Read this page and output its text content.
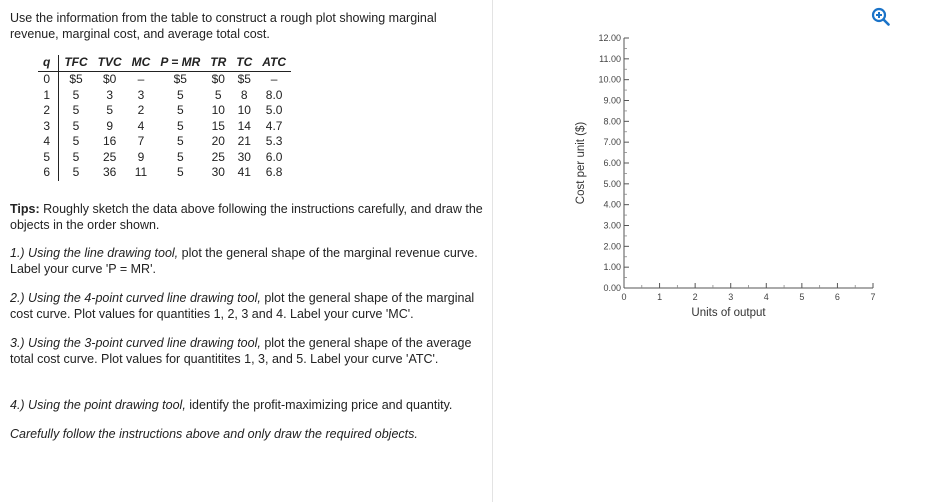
Use the information from the table to construct a rough plot showing marginal revenue, marginal cost, and average total cost.

q	TFC	TVC	MC	P = MR	TR	TC	ATC
0	$5	$0	–	$5	$0	$5	–
1	5	3	3	5	5	8	8.0
2	5	5	2	5	10	10	5.0
3	5	9	4	5	15	14	4.7
4	5	16	7	5	20	21	5.3
5	5	25	9	5	25	30	6.0
6	5	36	11	5	30	41	6.8

Tips: Roughly sketch the data above following the instructions carefully, and draw the objects in the order shown.

1.) Using the line drawing tool, plot the general shape of the marginal revenue curve. Label your curve 'P = MR'.

2.) Using the 4-point curved line drawing tool, plot the general shape of the marginal cost curve. Plot values for quantities 1, 2, 3 and 4. Label your curve 'MC'.

3.) Using the 3-point curved line drawing tool, plot the general shape of the average total cost curve. Plot values for quantitites 1, 3, and 5. Label your curve 'ATC'.

4.) Using the point drawing tool, identify the profit-maximizing price and quantity.

Carefully follow the instructions above and only draw the required objects.

0.00
1.00
2.00
3.00
4.00
5.00
6.00
7.00
8.00
9.00
10.00
11.00
12.00
0	1	2	3	4	5	6	7
Cost per unit ($)
Units of output
